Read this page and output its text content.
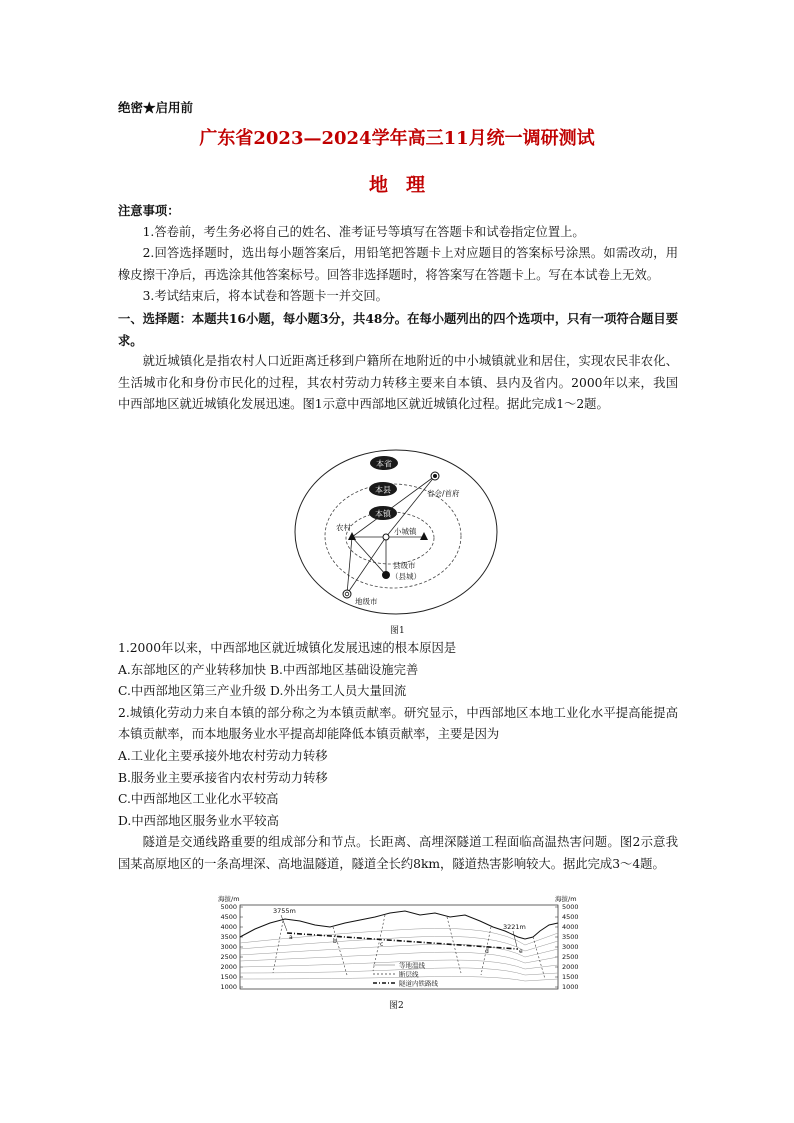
绝密★启用前
广东省2023—2024学年高三11月统一调研测试
地理

注意事项：

1.答卷前，考生务必将自己的姓名、准考证号等填写在答题卡和试卷指定位置上。

2.回答选择题时，选出每小题答案后，用铅笔把答题卡上对应题目的答案标号涂黑。如需改动，用橡皮擦干净后，再选涂其他答案标号。回答非选择题时，将答案写在答题卡上。写在本试卷上无效。

3.考试结束后，将本试卷和答题卡一并交回。

一、选择题：本题共16小题，每小题3分，共48分。在每小题列出的四个选项中，只有一项符合题目要求。

就近城镇化是指农村人口近距离迁移到户籍所在地附近的中小城镇就业和居住，实现农民非农化、生活城市化和身份市民化的过程，其农村劳动力转移主要来自本镇、县内及省内。2000年以来，我国中西部地区就近城镇化发展迅速。图1示意中西部地区就近城镇化过程。据此完成1～2题。

本省
本县
本镇
省会/首府
农村	小城镇
县级市
（县城）
地级市
图1

1.2000年以来，中西部地区就近城镇化发展迅速的根本原因是

A.东部地区的产业转移加快 B.中西部地区基础设施完善

C.中西部地区第三产业升级 D.外出务工人员大量回流

2.城镇化劳动力来自本镇的部分称之为本镇贡献率。研究显示，中西部地区本地工业化水平提高能提高本镇贡献率，而本地服务业水平提高却能降低本镇贡献率，主要是因为

A.工业化主要承接外地农村劳动力转移

B.服务业主要承接省内农村劳动力转移

C.中西部地区工业化水平较高

D.中西部地区服务业水平较高

隧道是交通线路重要的组成部分和节点。长距离、高埋深隧道工程面临高温热害问题。图2示意我国某高原地区的一条高埋深、高地温隧道，隧道全长约8km，隧道热害影响较大。据此完成3～4题。

海拔/m	海拔/m
5000
4500
4000
3500
3000
2500
2000
1500
1000
5000
4500
4000
3500
3000
2500
2000
1500
1000
3755m
3221m
a
b	c
d	e
等地温线
断层线
隧道内铁路线
图2
